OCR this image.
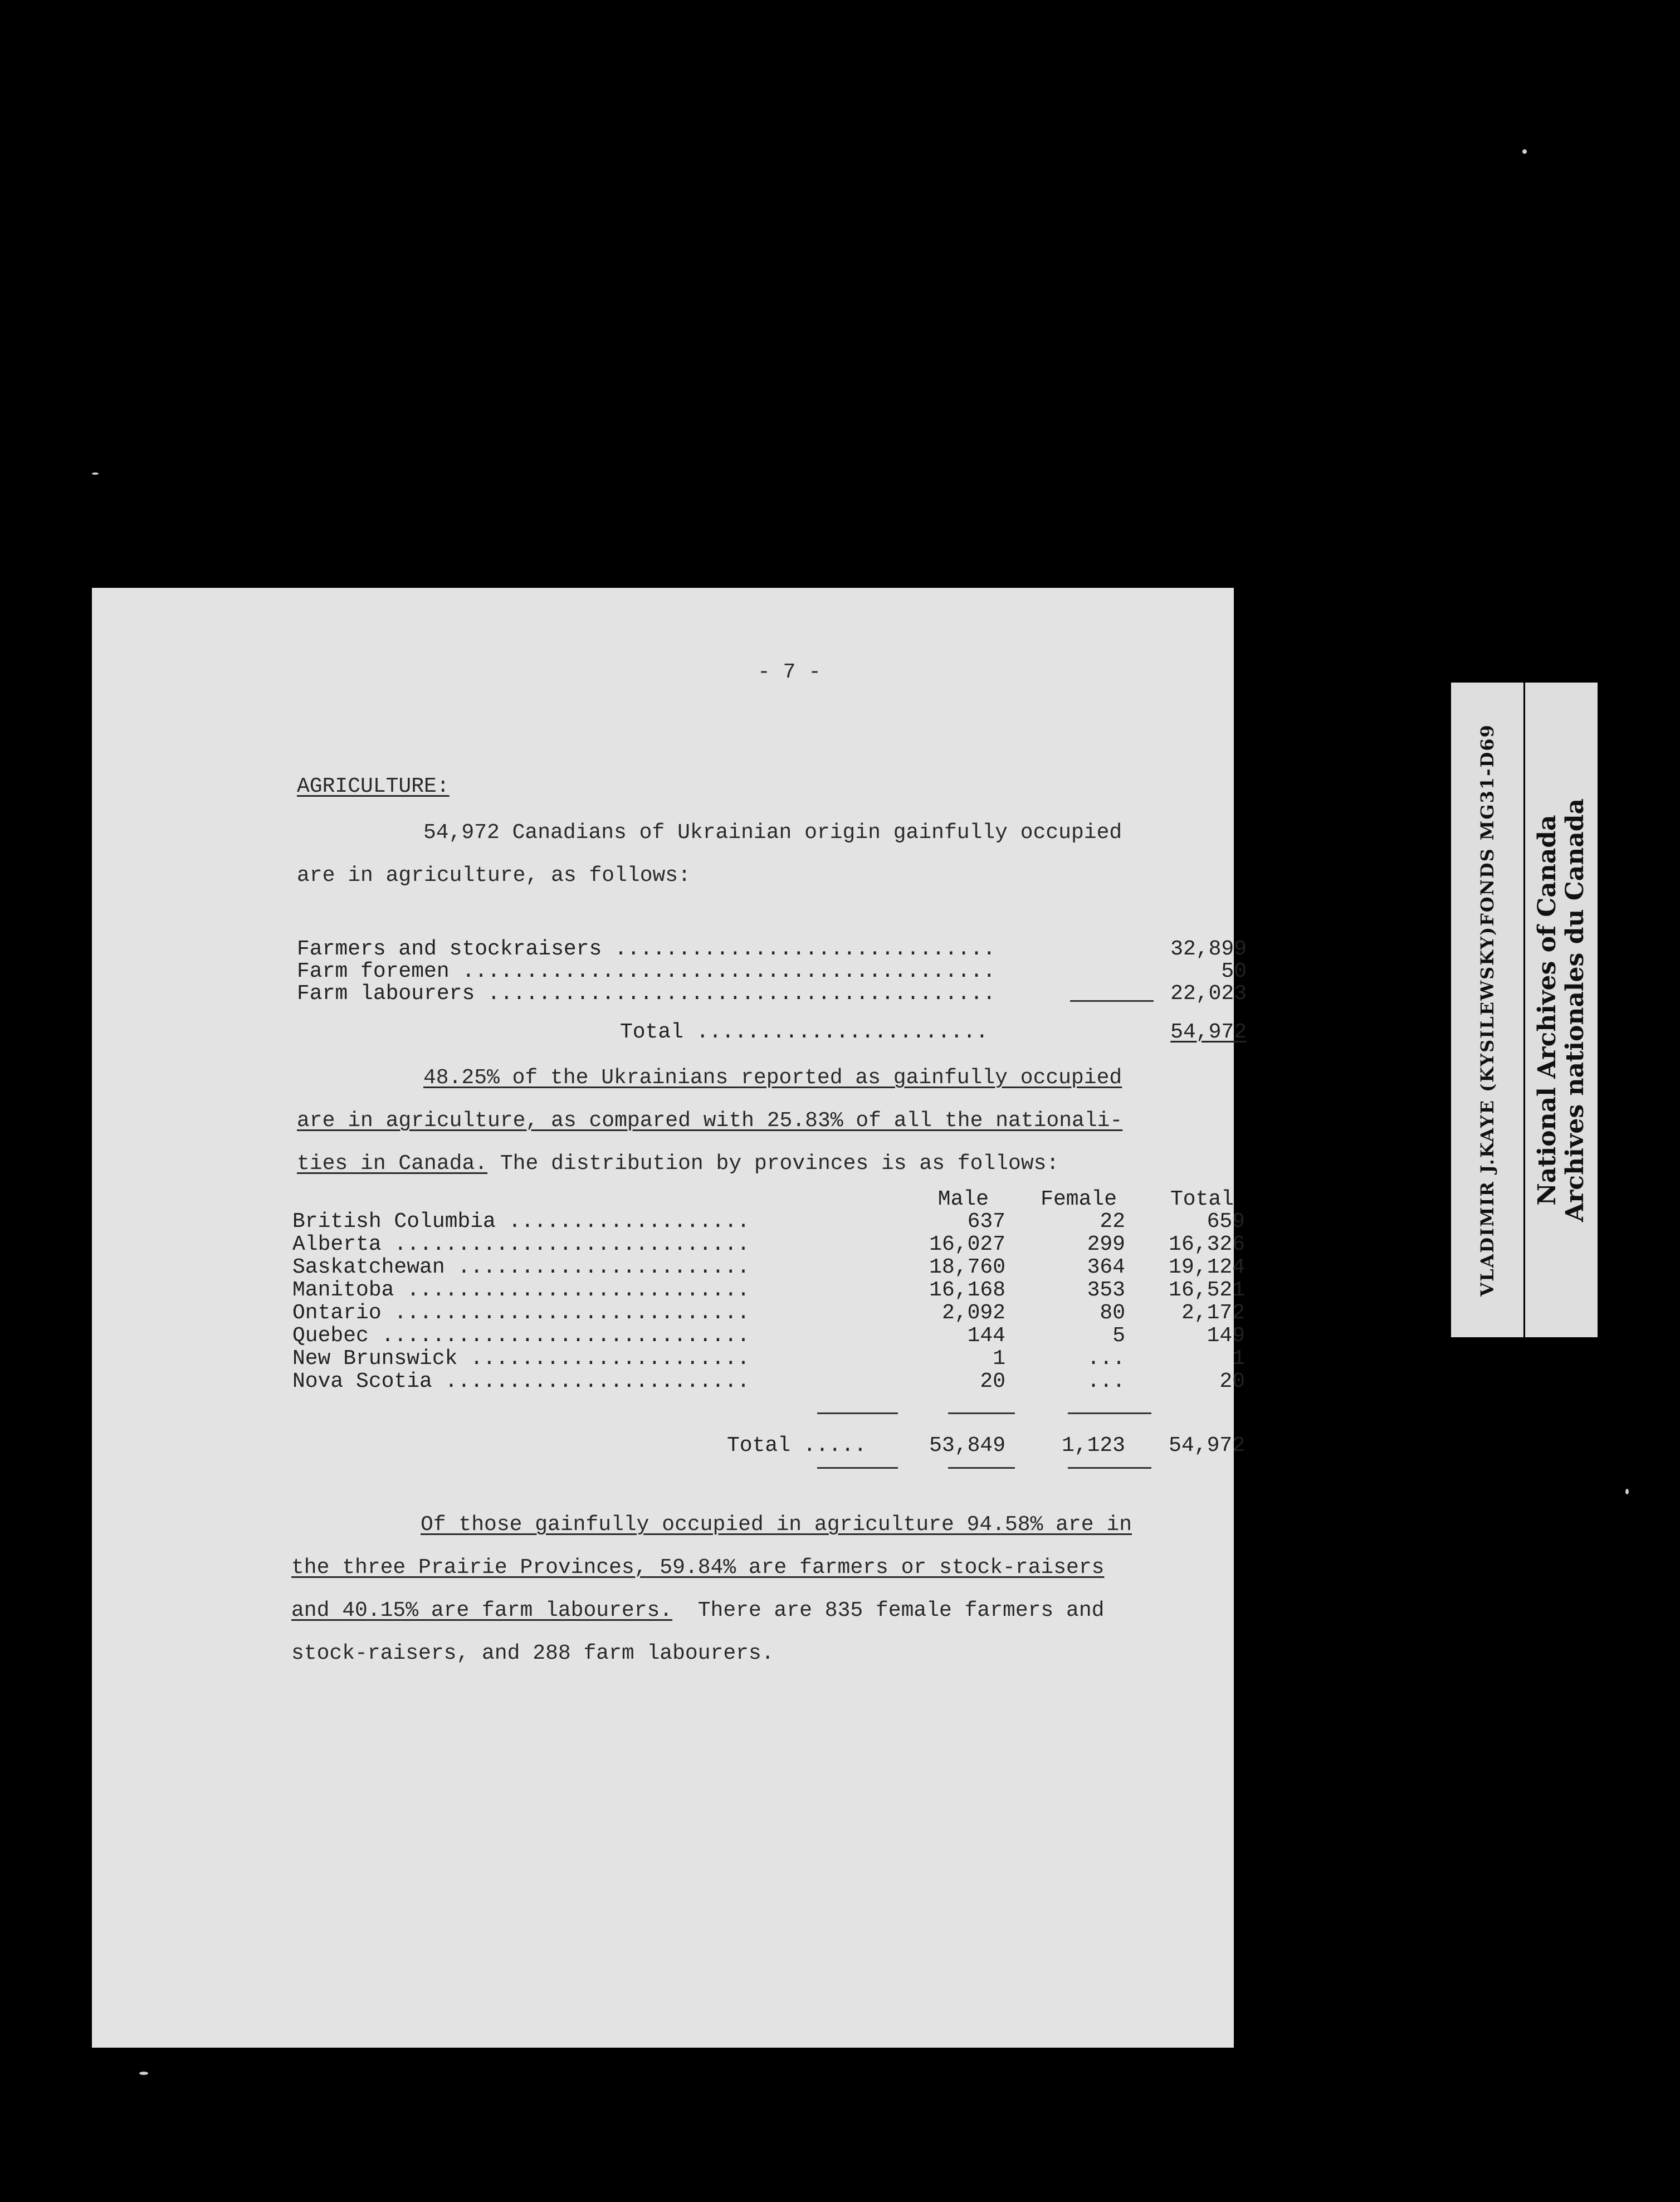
- 7 -
AGRICULTURE:
54,972 Canadians of Ukrainian origin gainfully occupied
are in agriculture, as follows:
Farmers and stockraisers ..............................	32,899
Farm foremen ..........................................	50
Farm labourers ........................................	22,023
Total .......................	54,972
48.25% of the Ukrainians reported as gainfully occupied
are in agriculture, as compared with 25.83% of all the nationali-
ties in Canada. The distribution by provinces is as follows:
Male	Female	Total
British Columbia ...................	637	22	659
Alberta ............................	16,027	299	16,326
Saskatchewan .......................	18,760	364	19,124
Manitoba ...........................	16,168	353	16,521
Ontario ............................	2,092	80	2,172
Quebec .............................	144	5	149
New Brunswick ......................	1	...	1
Nova Scotia ........................	20	...	20
Total .....	53,849	1,123	54,972
Of those gainfully occupied in agriculture 94.58% are in
the three Prairie Provinces, 59.84% are farmers or stock-raisers
and 40.15% are farm labourers.  There are 835 female farmers and
stock-raisers, and 288 farm labourers.
VLADIMIR J.KAYE (KYSILEWSKY)FONDS MG31-D69 National Archives of Canada Archives nationales du Canada
